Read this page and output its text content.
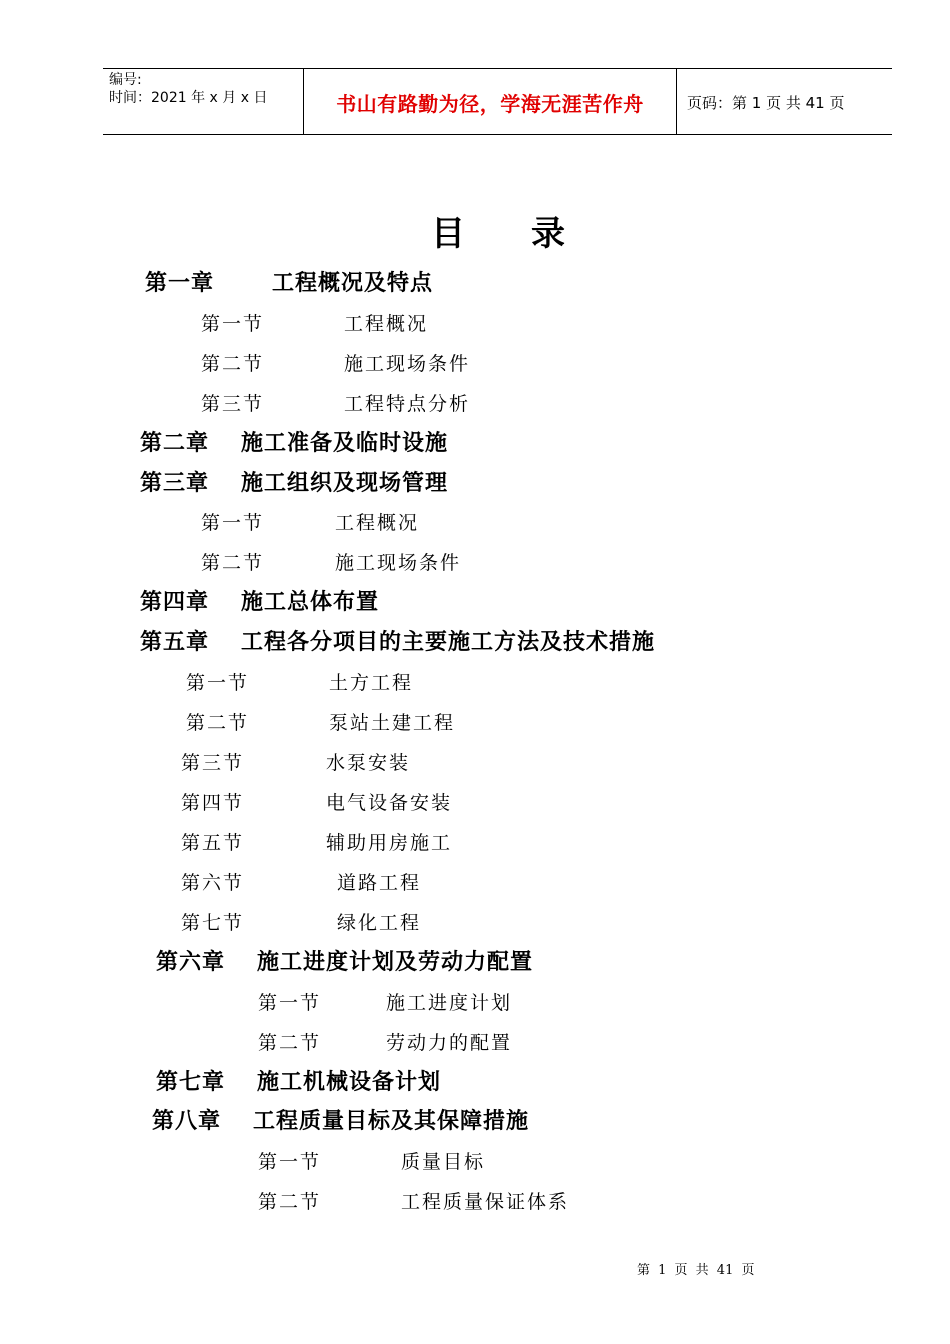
编号:
时间：2021 年 x 月 x 日	书山有路勤为径，学海无涯苦作舟	页码：第 1 页 共 41 页
目 录
第一章	工程概况及特点
第一节	工程概况
第二节	施工现场条件
第三节	工程特点分析
第二章 施工准备及临时设施
第三章 施工组织及现场管理
第一节	工程概况
第二节	施工现场条件
第四章 施工总体布置
第五章 工程各分项目的主要施工方法及技术措施
第一节	土方工程
第二节	泵站土建工程
第三节	水泵安装
第四节	电气设备安装
第五节	辅助用房施工
第六节	道路工程
第七节	绿化工程
第六章 施工进度计划及劳动力配置
第一节	施工进度计划
第二节	劳动力的配置
第七章 施工机械设备计划
第八章 工程质量目标及其保障措施
第一节	质量目标
第二节	工程质量保证体系
第 1 页 共 41 页
